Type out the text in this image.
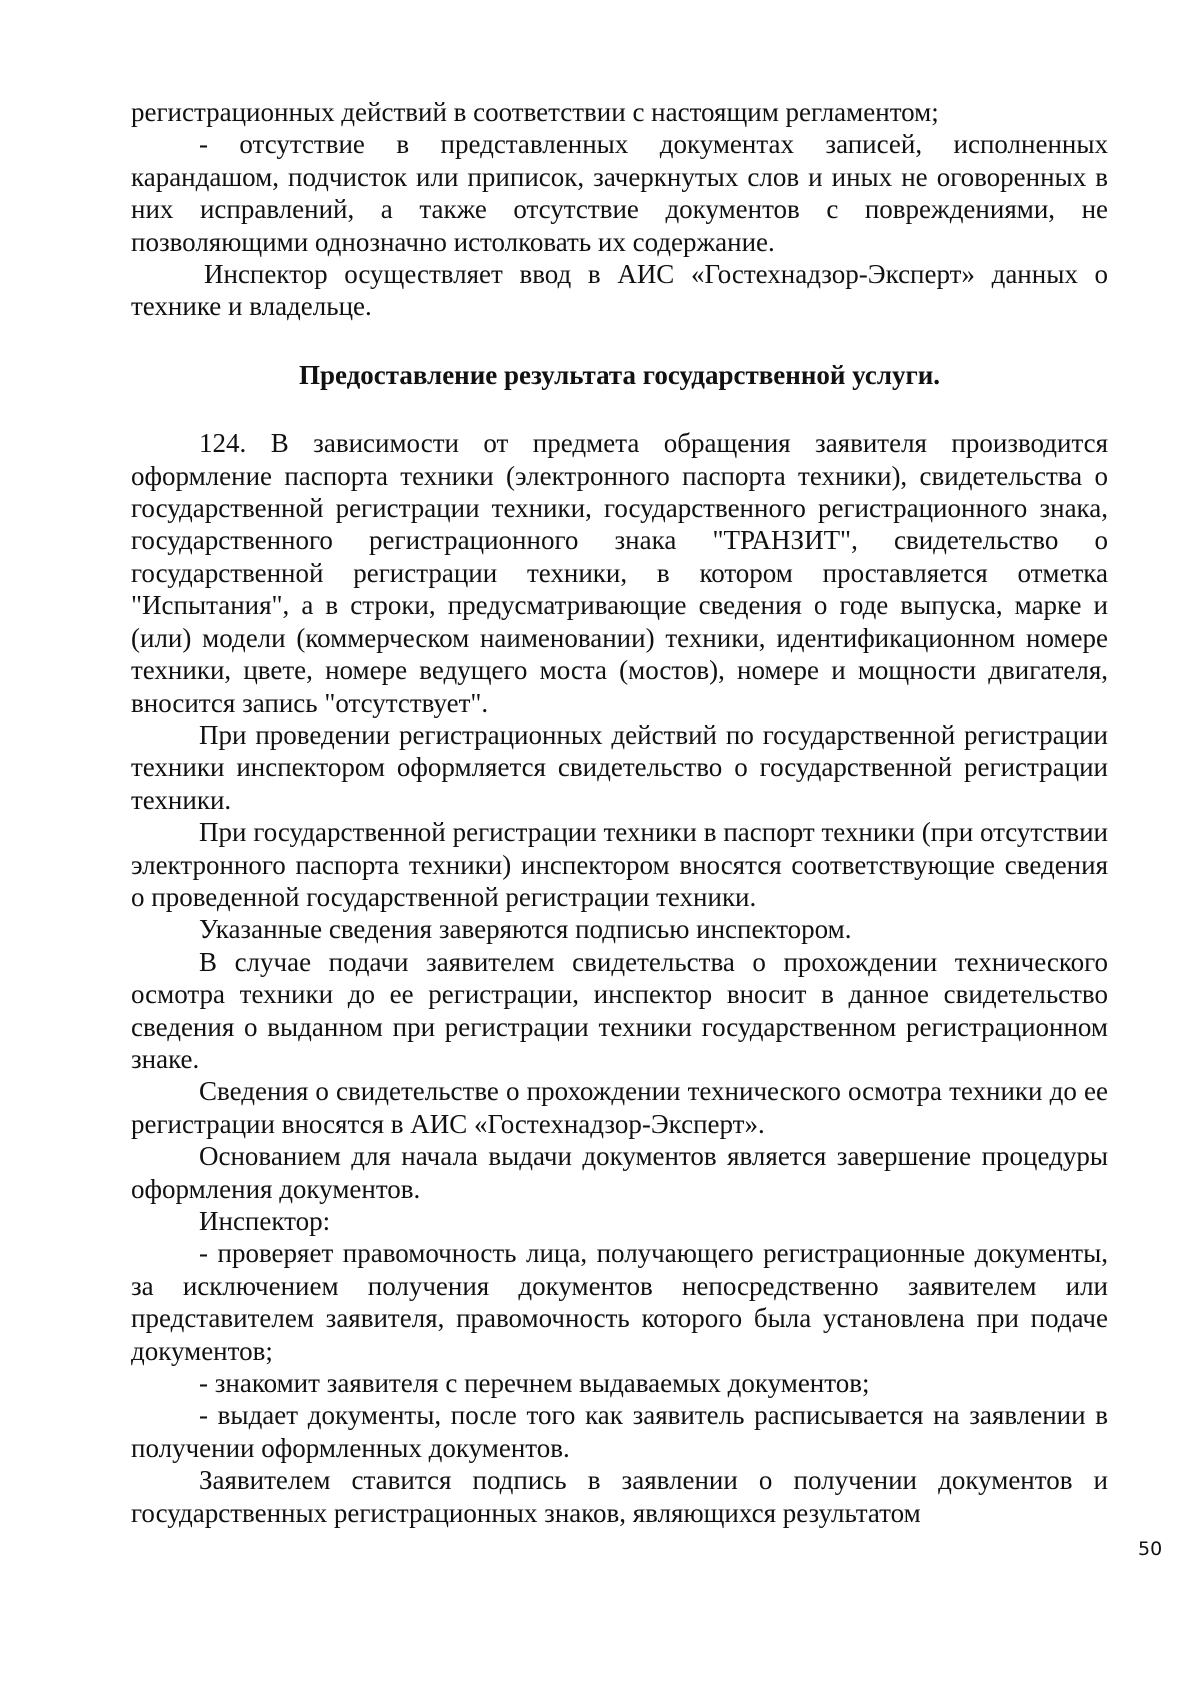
регистрационных действий в соответствии с настоящим регламентом;

- отсутствие в представленных документах записей, исполненных карандашом, подчисток или приписок, зачеркнутых слов и иных не оговоренных в них исправлений, а также отсутствие документов с повреждениями, не позволяющими однозначно истолковать их содержание.

Инспектор осуществляет ввод в АИС «Гостехнадзор-Эксперт» данных о технике и владельце.

Предоставление результата государственной услуги.

124. В зависимости от предмета обращения заявителя производится оформление паспорта техники (электронного паспорта техники), свидетельства о государственной регистрации техники, государственного регистрационного знака, государственного регистрационного знака "ТРАНЗИТ", свидетельство о государственной регистрации техники, в котором проставляется отметка "Испытания", а в строки, предусматривающие сведения о годе выпуска, марке и (или) модели (коммерческом наименовании) техники, идентификационном номере техники, цвете, номере ведущего моста (мостов), номере и мощности двигателя, вносится запись "отсутствует".

При проведении регистрационных действий по государственной регистрации техники инспектором оформляется свидетельство о государственной регистрации техники.

При государственной регистрации техники в паспорт техники (при отсутствии электронного паспорта техники) инспектором вносятся соответствующие сведения о проведенной государственной регистрации техники.

Указанные сведения заверяются подписью инспектором.

В случае подачи заявителем свидетельства о прохождении технического осмотра техники до ее регистрации, инспектор вносит в данное свидетельство сведения о выданном при регистрации техники государственном регистрационном знаке.

Сведения о свидетельстве о прохождении технического осмотра техники до ее регистрации вносятся в АИС «Гостехнадзор-Эксперт».

Основанием для начала выдачи документов является завершение процедуры оформления документов.

Инспектор:

- проверяет правомочность лица, получающего регистрационные документы, за исключением получения документов непосредственно заявителем или представителем заявителя, правомочность которого была установлена при подаче документов;

- знакомит заявителя с перечнем выдаваемых документов;

- выдает документы, после того как заявитель расписывается на заявлении в получении оформленных документов.

Заявителем ставится подпись в заявлении о получении документов и государственных регистрационных знаков, являющихся результатом

50
